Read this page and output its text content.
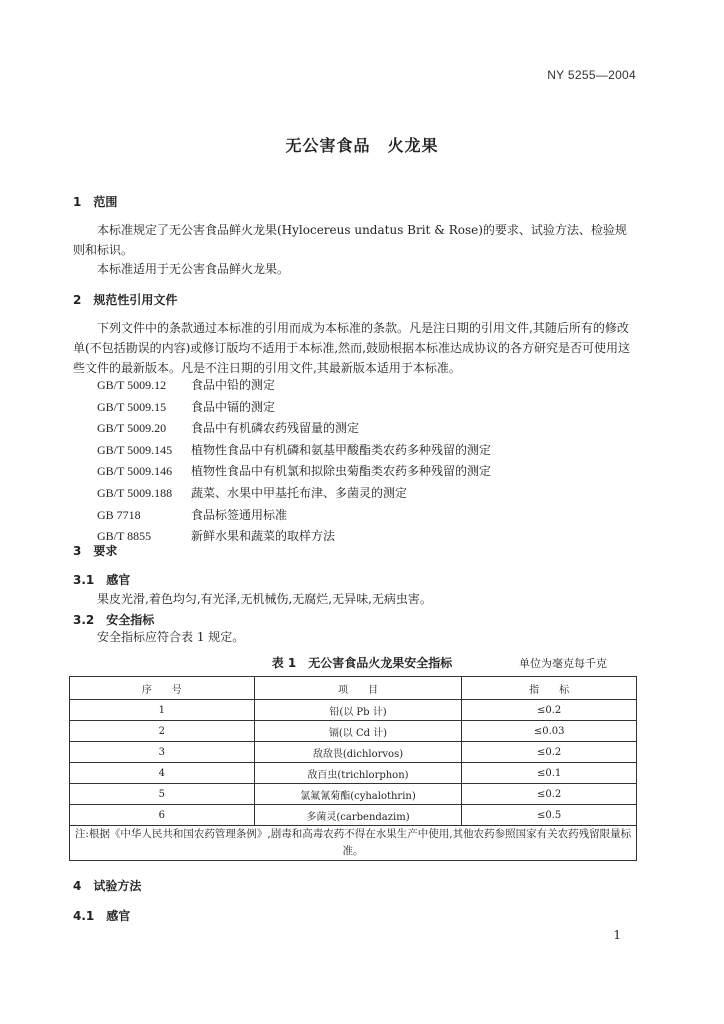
NY 5255—2004
无公害食品　火龙果
1　范围
本标准规定了无公害食品鲜火龙果(Hylocereus undatus Brit & Rose)的要求、试验方法、检验规则和标识。
本标准适用于无公害食品鲜火龙果。
2　规范性引用文件
下列文件中的条款通过本标准的引用而成为本标准的条款。凡是注日期的引用文件,其随后所有的修改单(不包括勘误的内容)或修订版均不适用于本标准,然而,鼓励根据本标准达成协议的各方研究是否可使用这些文件的最新版本。凡是不注日期的引用文件,其最新版本适用于本标准。
GB/T 5009.12 食品中铅的测定
GB/T 5009.15 食品中镉的测定
GB/T 5009.20 食品中有机磷农药残留量的测定
GB/T 5009.145 植物性食品中有机磷和氨基甲酸酯类农药多种残留的测定
GB/T 5009.146 植物性食品中有机氯和拟除虫菊酯类农药多种残留的测定
GB/T 5009.188 蔬菜、水果中甲基托布津、多菌灵的测定
GB 7718	食品标签通用标准
GB/T 8855	新鲜水果和蔬菜的取样方法
3　要求
3.1　感官
果皮光滑,着色均匀,有光泽,无机械伤,无腐烂,无异味,无病虫害。
3.2　安全指标
安全指标应符合表 1 规定。
表 1　无公害食品火龙果安全指标	单位为毫克每千克
序　　号	项　　目	指　　标
1	铅(以 Pb 计)	≤0.2
2	镉(以 Cd 计)	≤0.03
3	敌敌畏(dichlorvos)	≤0.2
4	敌百虫(trichlorphon)	≤0.1
5	氯氟氰菊酯(cyhalothrin)	≤0.2
6	多菌灵(carbendazim)	≤0.5
注:根据《中华人民共和国农药管理条例》,剧毒和高毒农药不得在水果生产中使用,其他农药参照国家有关农药残留限量标准。		
4　试验方法
4.1　感官
1
